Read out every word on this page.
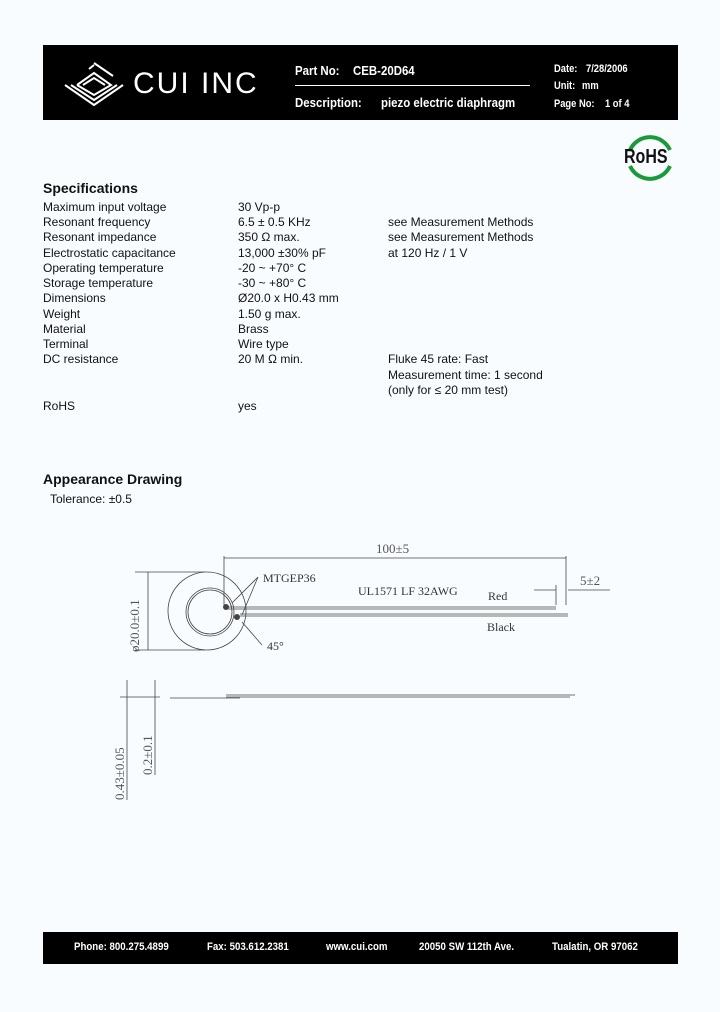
CUI INC	Part No: CEB-20D64
Description: piezo electric diaphragm
Date: 7/28/2006
Unit: mm
Page No: 1 of 4
RoHS
Specifications
Maximum input voltage	30 Vp-p
Resonant frequency	6.5 ± 0.5 KHz	see Measurement Methods
Resonant impedance	350 Ω max.	see Measurement Methods
Electrostatic capacitance	13,000 ±30% pF	at 120 Hz / 1 V
Operating temperature	-20 ~ +70° C
Storage temperature	-30 ~ +80° C
Dimensions	Ø20.0 x H0.43 mm
Weight	1.50 g max.
Material	Brass
Terminal	Wire type
DC resistance	20 M Ω min.	Fluke 45 rate: Fast
Measurement time: 1 second
(only for ≤ 20 mm test)
RoHS	yes
Appearance Drawing
Tolerance: ±0.5
100±5
5±2
MTGEP36
UL1571 LF 32AWG	Red
Black
45°
ø20.0±0.1
0.43±0.05 0.2±0.1
Phone: 800.275.4899	Fax: 503.612.2381	www.cui.com	20050 SW 112th Ave.	Tualatin, OR 97062
